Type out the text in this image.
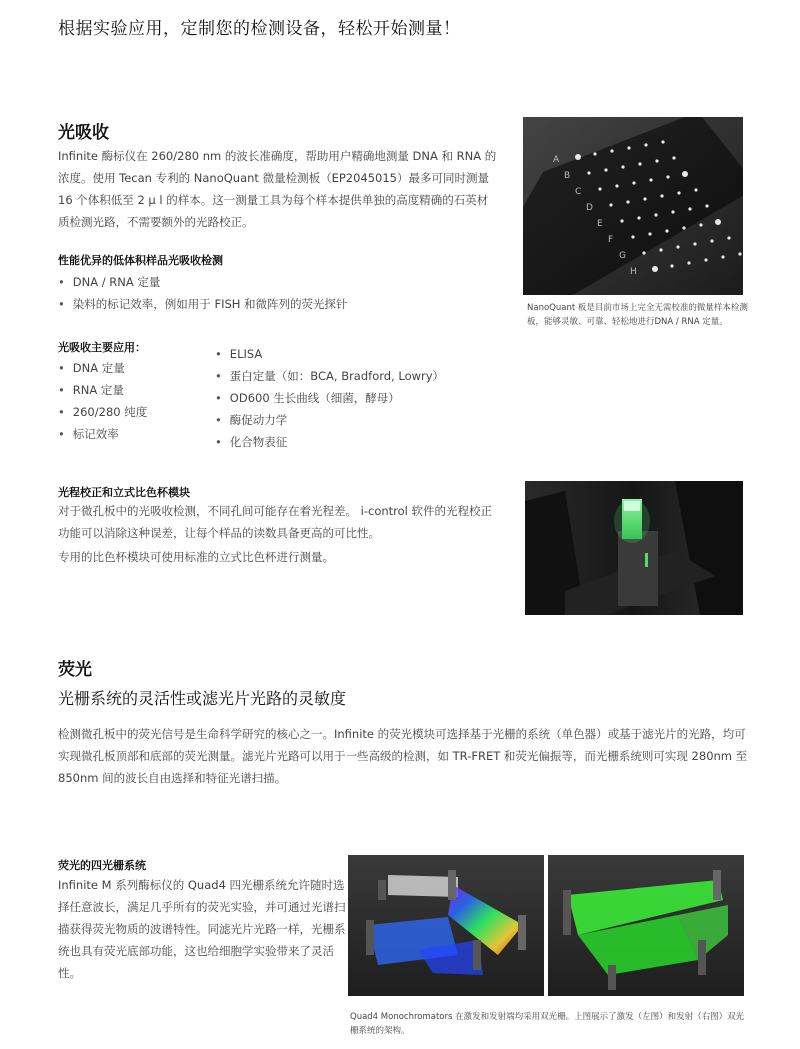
根据实验应用，定制您的检测设备，轻松开始测量！
光吸收
Infinite 酶标仪在 260/280 nm 的波长准确度，帮助用户精确地测量 DNA 和 RNA 的浓度。使用 Tecan 专利的 NanoQuant 微量检测板（EP2045015）最多可同时测量16 个体积低至 2 μ l 的样本。这一测量工具为每个样本提供单独的高度精确的石英材质检测光路，不需要额外的光路校正。
性能优异的低体积样品光吸收检测
• DNA / RNA 定量
• 染料的标记效率，例如用于 FISH 和微阵列的荧光探针
A
B
C
D
E
F
G
H
NanoQuant 板是目前市场上完全无需校准的微量样本检测板，能够灵敏、可靠、轻松地进行DNA / RNA 定量。
光吸收主要应用：
• DNA 定量
• RNA 定量
• 260/280 纯度
• 标记效率
• ELISA
• 蛋白定量（如：BCA, Bradford, Lowry）
• OD600 生长曲线（细菌，酵母）
• 酶促动力学
• 化合物表征
光程校正和立式比色杯模块
对于微孔板中的光吸收检测，不同孔间可能存在着光程差。 i-control 软件的光程校正功能可以消除这种误差，让每个样品的读数具备更高的可比性。
专用的比色杯模块可使用标准的立式比色杯进行测量。
荧光
光栅系统的灵活性或滤光片光路的灵敏度
检测微孔板中的荧光信号是生命科学研究的核心之一。Infinite 的荧光模块可选择基于光栅的系统（单色器）或基于滤光片的光路，均可实现微孔板顶部和底部的荧光测量。滤光片光路可以用于一些高级的检测，如 TR-FRET 和荧光偏振等，而光栅系统则可实现 280nm 至 850nm 间的波长自由选择和特征光谱扫描。
荧光的四光栅系统
Infinite M 系列酶标仪的 Quad4 四光栅系统允许随时选择任意波长，满足几乎所有的荧光实验，并可通过光谱扫描获得荧光物质的波谱特性。同滤光片光路一样，光栅系统也具有荧光底部功能，这也给细胞学实验带来了灵活性。
Quad4 Monochromators 在激发和发射端均采用双光栅。上图展示了激发（左图）和发射（右图）双光栅系统的架构。
